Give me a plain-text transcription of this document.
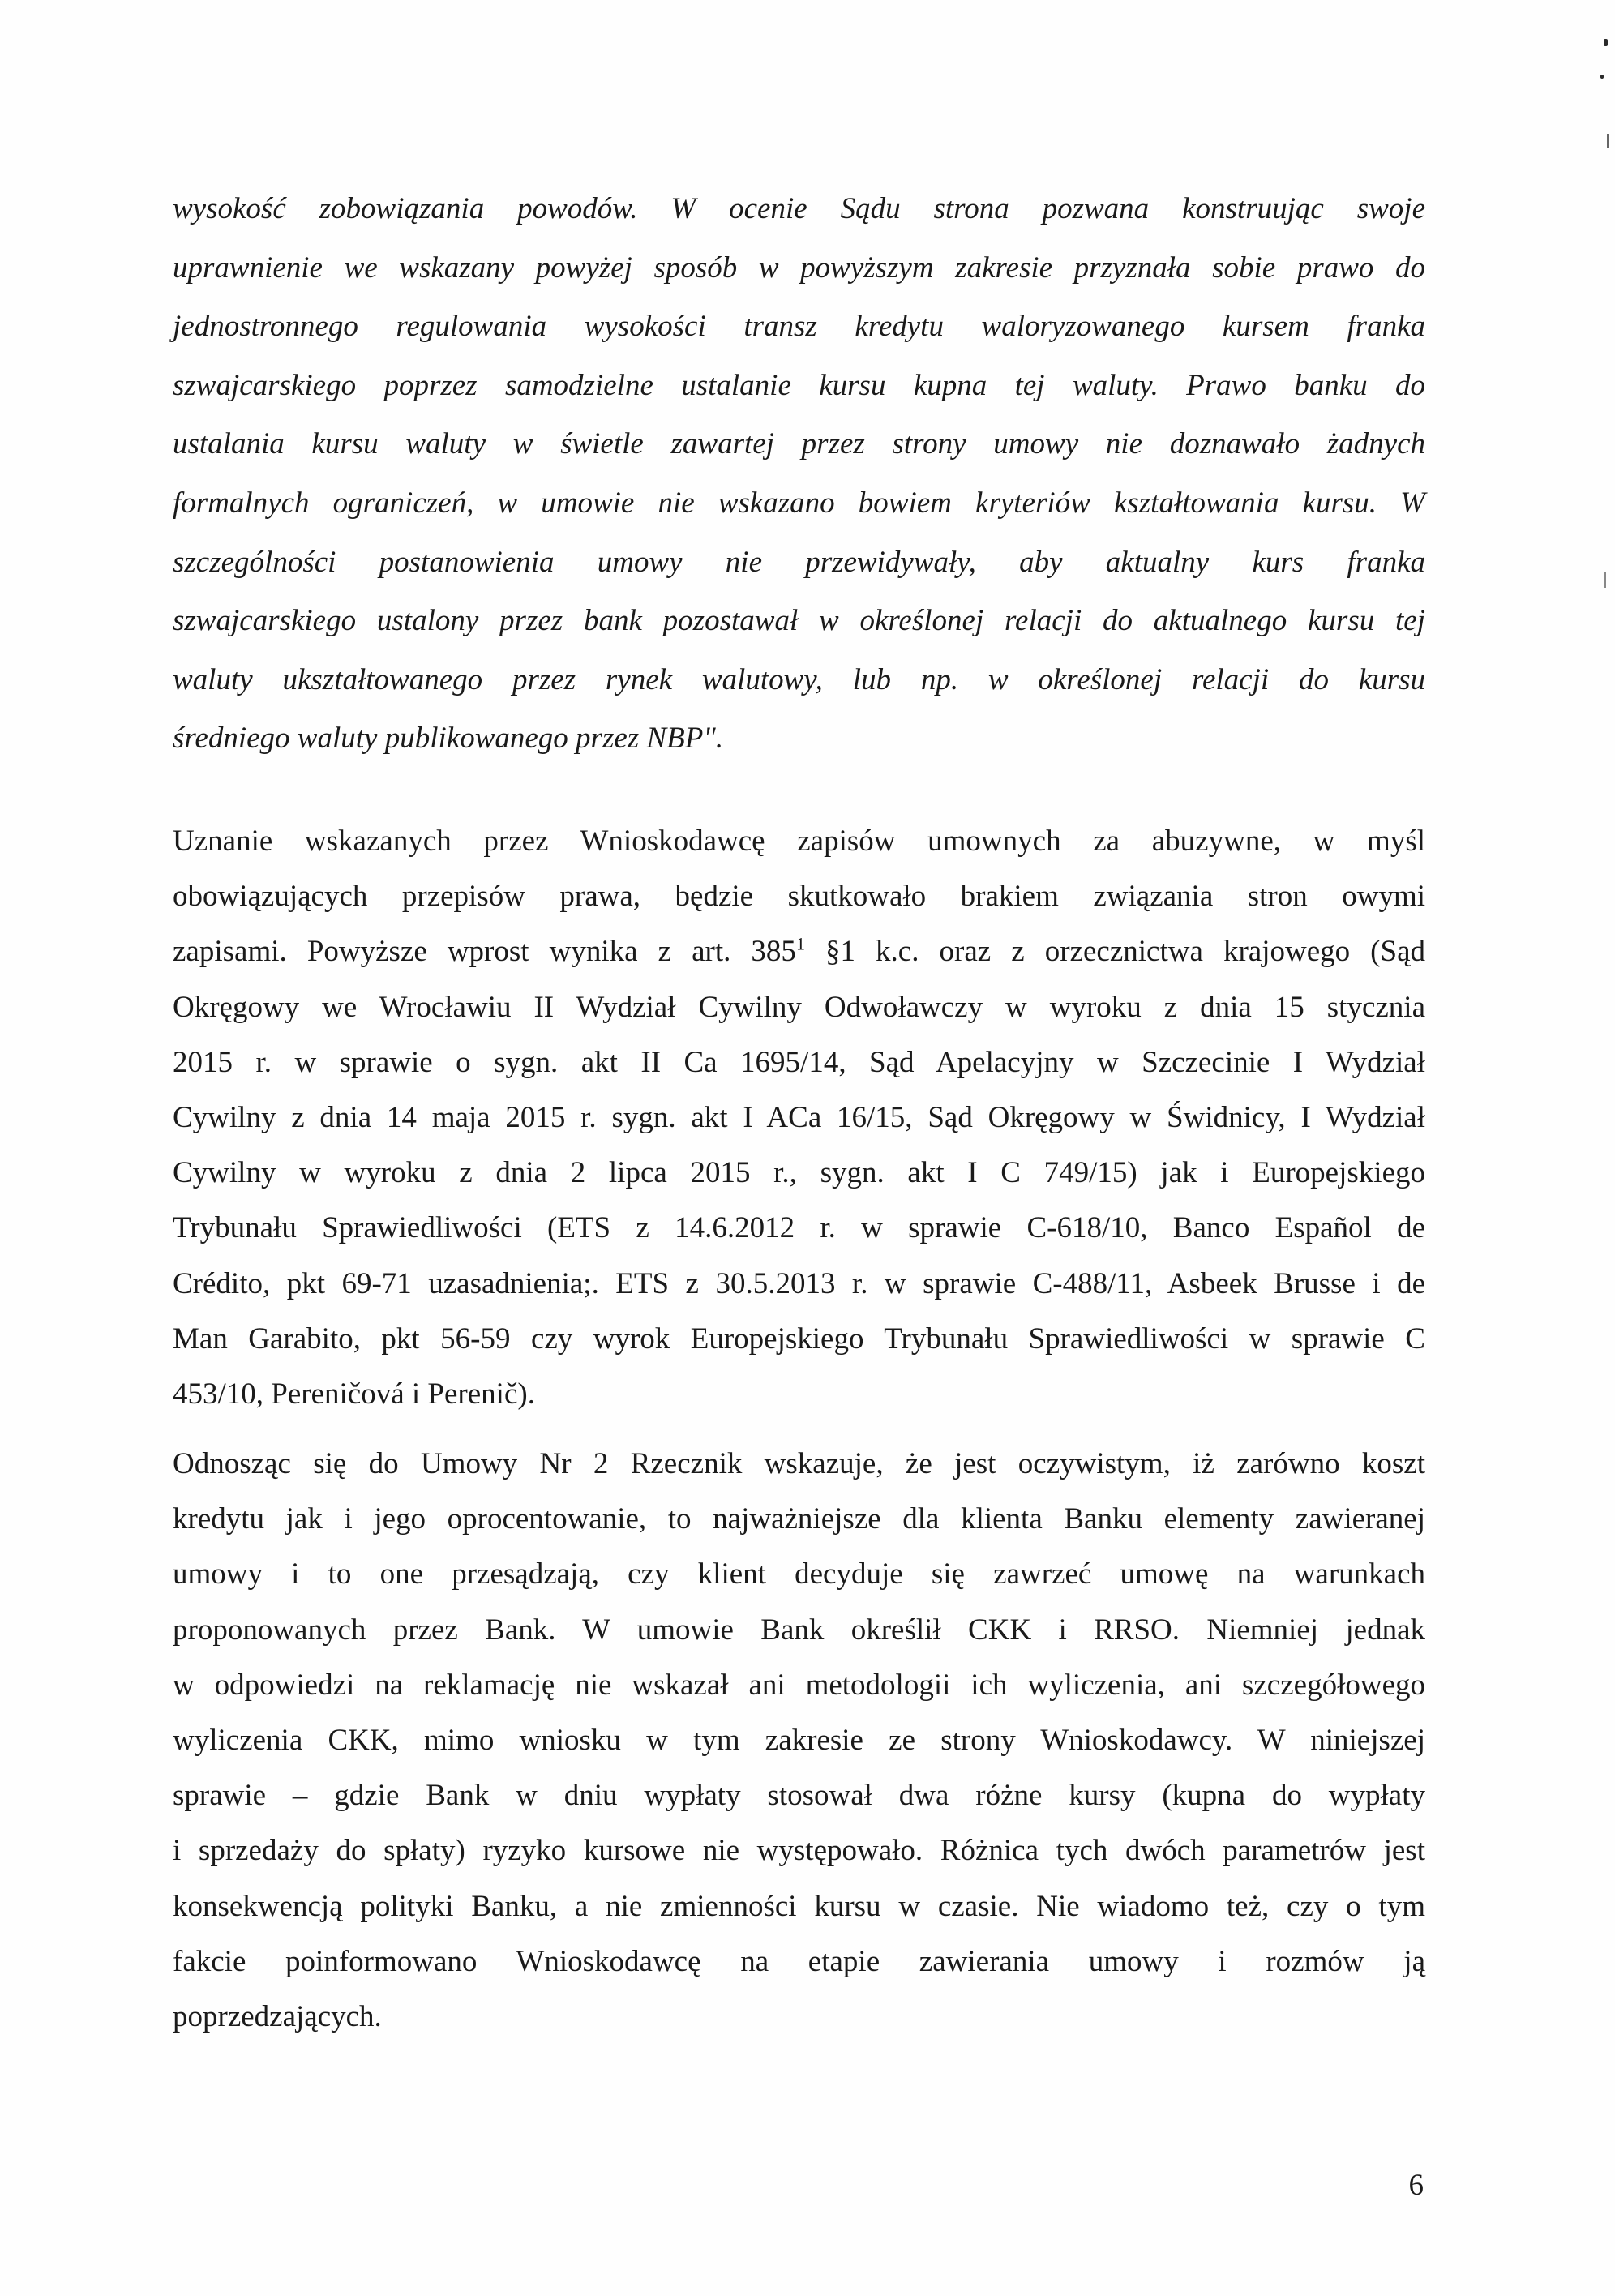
wysokość zobowiązania powodów. W ocenie Sądu strona pozwana konstruując swoje
uprawnienie we wskazany powyżej sposób w powyższym zakresie przyznała sobie prawo do
jednostronnego regulowania wysokości transz kredytu waloryzowanego kursem franka
szwajcarskiego poprzez samodzielne ustalanie kursu kupna tej waluty. Prawo banku do
ustalania kursu waluty w świetle zawartej przez strony umowy nie doznawało żadnych
formalnych ograniczeń, w umowie nie wskazano bowiem kryteriów kształtowania kursu. W
szczególności postanowienia umowy nie przewidywały, aby aktualny kurs franka
szwajcarskiego ustalony przez bank pozostawał w określonej relacji do aktualnego kursu tej
waluty ukształtowanego przez rynek walutowy, lub np. w określonej relacji do kursu
średniego waluty publikowanego przez NBP".
Uznanie wskazanych przez Wnioskodawcę zapisów umownych za abuzywne, w myśl
obowiązujących przepisów prawa, będzie skutkowało brakiem związania stron owymi
zapisami. Powyższe wprost wynika z art. $385^1$ §1 k.c. oraz z orzecznictwa krajowego (Sąd
Okręgowy we Wrocławiu II Wydział Cywilny Odwoławczy w wyroku z dnia 15 stycznia
2015 r. w sprawie o sygn. akt II Ca 1695/14, Sąd Apelacyjny w Szczecinie I Wydział
Cywilny z dnia 14 maja 2015 r. sygn. akt I ACa 16/15, Sąd Okręgowy w Świdnicy, I Wydział
Cywilny w wyroku z dnia 2 lipca 2015 r., sygn. akt I C 749/15) jak i Europejskiego
Trybunału Sprawiedliwości (ETS z 14.6.2012 r. w sprawie C-618/10, Banco Español de
Crédito, pkt 69-71 uzasadnienia;. ETS z 30.5.2013 r. w sprawie C-488/11, Asbeek Brusse i de
Man Garabito, pkt 56-59 czy wyrok Europejskiego Trybunału Sprawiedliwości w sprawie C
453/10, Pereničová i Perenič).
Odnosząc się do Umowy Nr 2 Rzecznik wskazuje, że jest oczywistym, iż zarówno koszt
kredytu jak i jego oprocentowanie, to najważniejsze dla klienta Banku elementy zawieranej
umowy i to one przesądzają, czy klient decyduje się zawrzeć umowę na warunkach
proponowanych przez Bank. W umowie Bank określił CKK i RRSO. Niemniej jednak
w odpowiedzi na reklamację nie wskazał ani metodologii ich wyliczenia, ani szczegółowego
wyliczenia CKK, mimo wniosku w tym zakresie ze strony Wnioskodawcy. W niniejszej
sprawie – gdzie Bank w dniu wypłaty stosował dwa różne kursy (kupna do wypłaty
i sprzedaży do spłaty) ryzyko kursowe nie występowało. Różnica tych dwóch parametrów jest
konsekwencją polityki Banku, a nie zmienności kursu w czasie. Nie wiadomo też, czy o tym
fakcie poinformowano Wnioskodawcę na etapie zawierania umowy i rozmów ją
poprzedzających.
6
